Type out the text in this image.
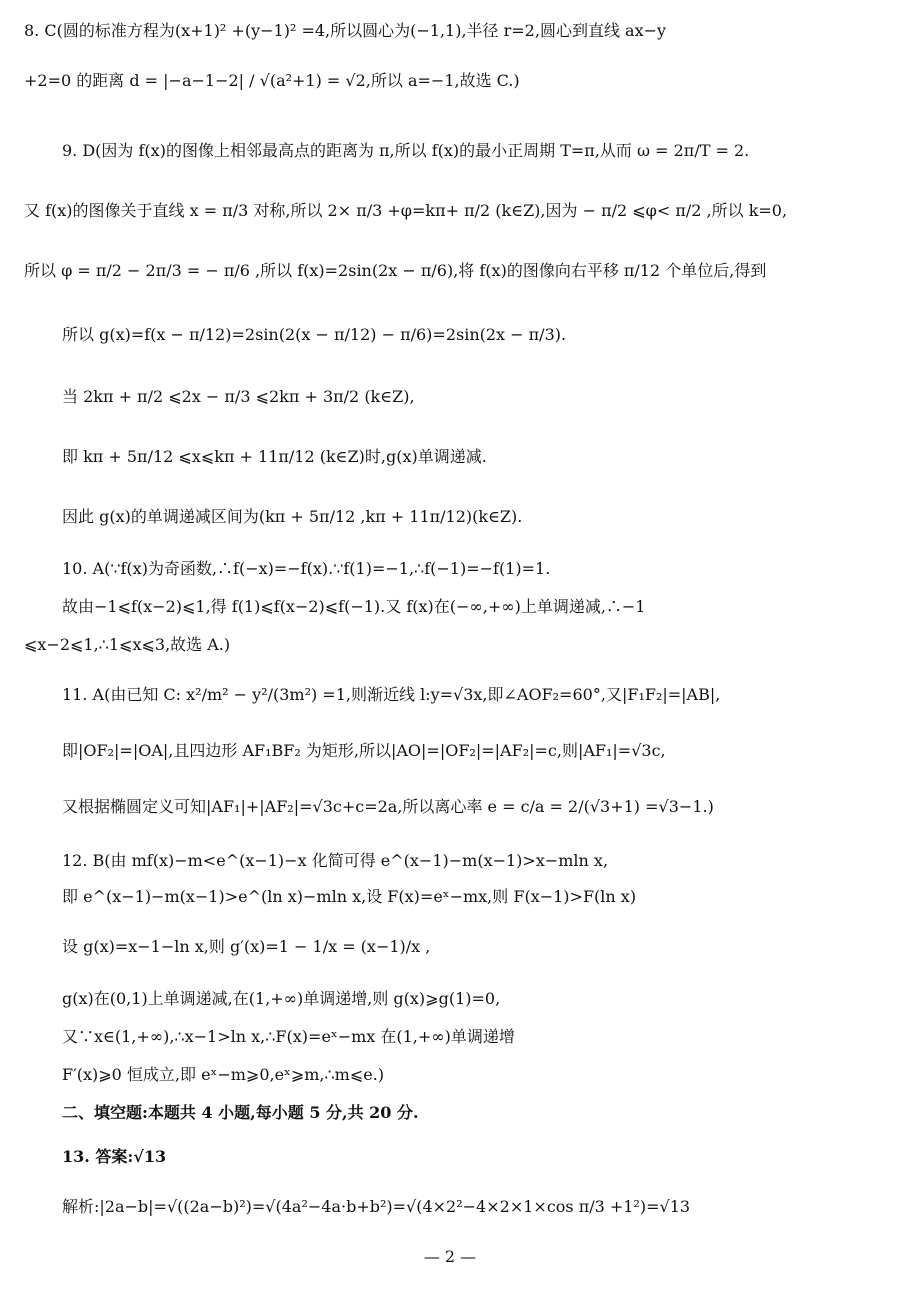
8. C(圆的标准方程为(x+1)² +(y−1)² =4,所以圆心为(−1,1),半径 r=2,圆心到直线 ax−y
+2=0 的距离 d = |−a−1−2| / √(a²+1) = √2,所以 a=−1,故选 C.)
9. D(因为 f(x)的图像上相邻最高点的距离为 π,所以 f(x)的最小正周期 T=π,从而 ω = 2π/T = 2.
又 f(x)的图像关于直线 x = π/3 对称,所以 2× π/3 +φ=kπ+ π/2 (k∈Z),因为 − π/2 ⩽φ< π/2 ,所以 k=0,
所以 φ = π/2 − 2π/3 = − π/6 ,所以 f(x)=2sin(2x − π/6),将 f(x)的图像向右平移 π/12 个单位后,得到
所以 g(x)=f(x − π/12)=2sin(2(x − π/12) − π/6)=2sin(2x − π/3).
当 2kπ + π/2 ⩽2x − π/3 ⩽2kπ + 3π/2 (k∈Z),
即 kπ + 5π/12 ⩽x⩽kπ + 11π/12 (k∈Z)时,g(x)单调递减.
因此 g(x)的单调递减区间为(kπ + 5π/12 ,kπ + 11π/12)(k∈Z).
10. A(∵f(x)为奇函数,∴f(−x)=−f(x).∵f(1)=−1,∴f(−1)=−f(1)=1.
故由−1⩽f(x−2)⩽1,得 f(1)⩽f(x−2)⩽f(−1).又 f(x)在(−∞,+∞)上单调递减,∴−1
⩽x−2⩽1,∴1⩽x⩽3,故选 A.)
11. A(由已知 C: x²/m² − y²/(3m²) =1,则渐近线 l:y=√3x,即∠AOF₂=60°,又|F₁F₂|=|AB|,
即|OF₂|=|OA|,且四边形 AF₁BF₂ 为矩形,所以|AO|=|OF₂|=|AF₂|=c,则|AF₁|=√3c,
又根据椭圆定义可知|AF₁|+|AF₂|=√3c+c=2a,所以离心率 e = c/a = 2/(√3+1) =√3−1.)
12. B(由 mf(x)−m<e^(x−1)−x 化简可得 e^(x−1)−m(x−1)>x−mln x,
即 e^(x−1)−m(x−1)>e^(ln x)−mln x,设 F(x)=eˣ−mx,则 F(x−1)>F(ln x)
设 g(x)=x−1−ln x,则 g′(x)=1 − 1/x = (x−1)/x ,
g(x)在(0,1)上单调递减,在(1,+∞)单调递增,则 g(x)⩾g(1)=0,
又∵x∈(1,+∞),∴x−1>ln x,∴F(x)=eˣ−mx 在(1,+∞)单调递增
F′(x)⩾0 恒成立,即 eˣ−m⩾0,eˣ⩾m,∴m⩽e.)
二、填空题:本题共 4 小题,每小题 5 分,共 20 分.
13. 答案:√13
解析:|2a−b|=√((2a−b)²)=√(4a²−4a·b+b²)=√(4×2²−4×2×1×cos π/3 +1²)=√13
— 2 —
